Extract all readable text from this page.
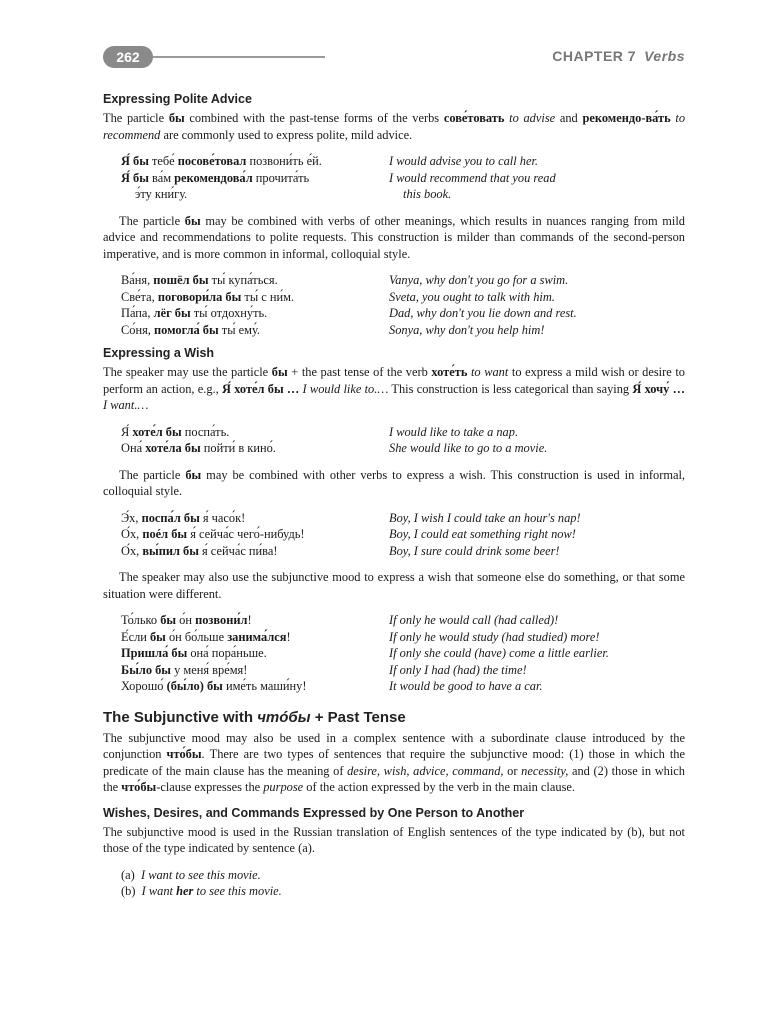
262	CHAPTER 7 Verbs
Expressing Polite Advice

The particle бы combined with the past-tense forms of the verbs сове́товать to advise and рекомендо-ва́ть to recommend are commonly used to express polite, mild advice.

Я́ бы тебе́ посове́товал позвони́ть е́й.	I would advise you to call her.
Я́ бы ва́м рекомендова́л прочита́ть	I would recommend that you read
э́ту кни́гу.	this book.

The particle бы may be combined with verbs of other meanings, which results in nuances ranging from mild advice and recommendations to polite requests. This construction is milder than commands of the second-person imperative, and is more common in informal, colloquial style.

Ва́ня, пошёл бы ты́ купа́ться.	Vanya, why don't you go for a swim.
Све́та, поговори́ла бы ты́ с ни́м.	Sveta, you ought to talk with him.
Па́па, лёг бы ты́ отдохну́ть.	Dad, why don't you lie down and rest.
Со́ня, помогла́ бы ты́ ему́.	Sonya, why don't you help him!
Expressing a Wish

The speaker may use the particle бы + the past tense of the verb хоте́ть to want to express a mild wish or desire to perform an action, e.g., Я́ хоте́л бы … I would like to.… This construction is less categorical than saying Я́ хочу́ … I want.…

Я́ хоте́л бы поспа́ть.	I would like to take a nap.
Она́ хоте́ла бы пойти́ в кино́.	She would like to go to a movie.

The particle бы may be combined with other verbs to express a wish. This construction is used in informal, colloquial style.

Э́х, поспа́л бы я́ часо́к!	Boy, I wish I could take an hour's nap!
О́х, поéл бы я́ сейча́с чего́-нибудь!	Boy, I could eat something right now!
О́х, вы́пил бы я́ сейча́с пи́ва!	Boy, I sure could drink some beer!

The speaker may also use the subjunctive mood to express a wish that someone else do something, or that some situation were different.

То́лько бы о́н позвони́л!	If only he would call (had called)!
Е́сли бы о́н бо́льше занима́лся!	If only he would study (had studied) more!
Пришла́ бы она́ пора́ньше.	If only she could (have) come a little earlier.
Бы́ло бы у меня́ вре́мя!	If only I had (had) the time!
Хорошо́ (бы́ло) бы име́ть маши́ну!	It would be good to have a car.
The Subjunctive with чтóбы + Past Tense

The subjunctive mood may also be used in a complex sentence with a subordinate clause introduced by the conjunction что́бы. There are two types of sentences that require the subjunctive mood: (1) those in which the predicate of the main clause has the meaning of desire, wish, advice, command, or necessity, and (2) those in which the что́бы-clause expresses the purpose of the action expressed by the verb in the main clause.

Wishes, Desires, and Commands Expressed by One Person to Another

The subjunctive mood is used in the Russian translation of English sentences of the type indicated by (b), but not those of the type indicated by sentence (a).

(a) I want to see this movie.
(b) I want her to see this movie.
